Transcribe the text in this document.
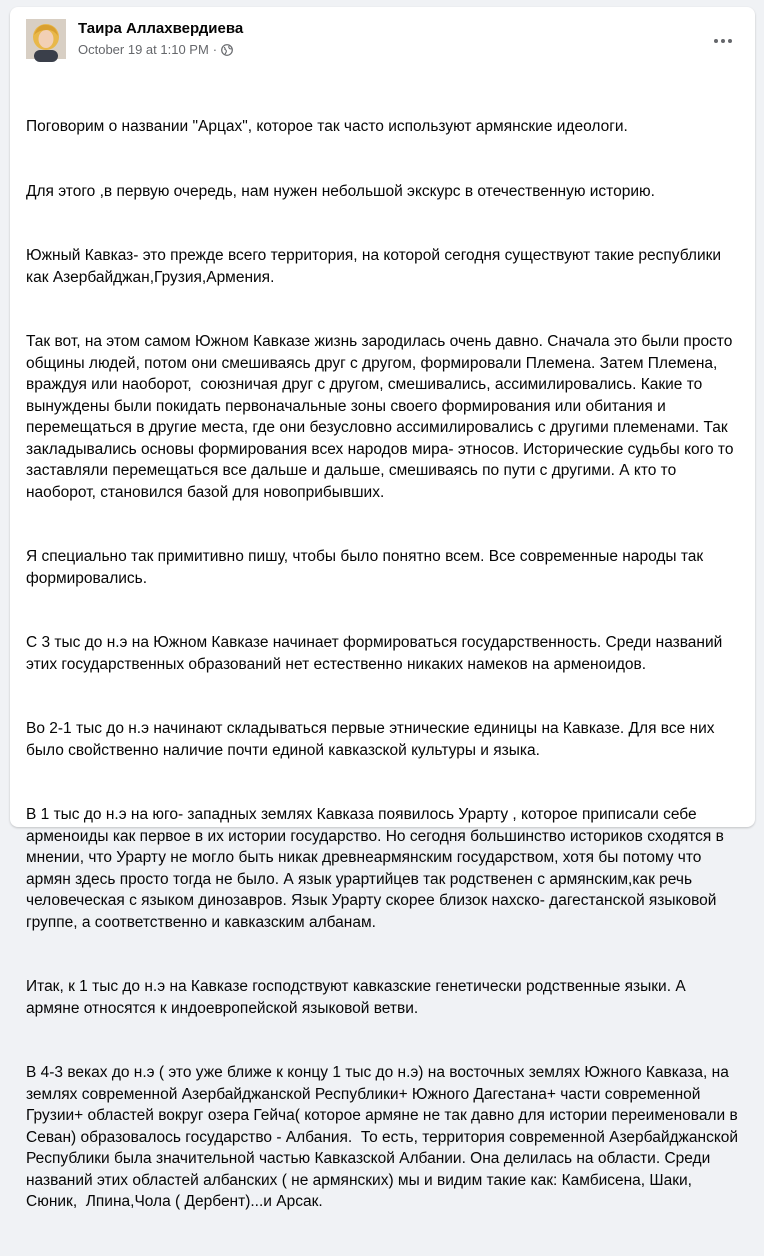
Таира Аллахвердиева
October 19 at 1:10 PM ·

Поговорим о названии "Арцах", которое так часто используют армянские идеологи.

Для этого ,в первую очередь, нам нужен небольшой экскурс в отечественную историю.

Южный Кавказ- это прежде всего территория, на которой сегодня существуют такие республики как Азербайджан,Грузия,Армения.

Так вот, на этом самом Южном Кавказе жизнь зародилась очень давно. Сначала это были просто общины людей, потом они смешиваясь друг с другом, формировали Племена. Затем Племена, враждуя или наоборот,  союзничая друг с другом, смешивались, ассимилировались. Какие то вынуждены были покидать первоначальные зоны своего формирования или обитания и перемещаться в другие места, где они безусловно ассимилировались с другими племенами. Так закладывались основы формирования всех народов мира- этносов. Исторические судьбы кого то заставляли перемещаться все дальше и дальше, смешиваясь по пути с другими. А кто то наоборот, становился базой для новоприбывших.

Я специально так примитивно пишу, чтобы было понятно всем. Все современные народы так формировались.

С 3 тыс до н.э на Южном Кавказе начинает формироваться государственность. Среди названий этих государственных образований нет естественно никаких намеков на арменоидов.

Во 2-1 тыс до н.э начинают складываться первые этнические единицы на Кавказе. Для все них было свойственно наличие почти единой кавказской культуры и языка.

В 1 тыс до н.э на юго- западных землях Кавказа появилось Урарту , которое приписали себе арменоиды как первое в их истории государство. Но сегодня большинство историков сходятся в мнении, что Урарту не могло быть никак древнеармянским государством, хотя бы потому что армян здесь просто тогда не было. А язык урартийцев так родственен с армянским,как речь человеческая с языком динозавров. Язык Урарту скорее близок нахско- дагестанской языковой группе, а соответственно и кавказским албанам.

Итак, к 1 тыс до н.э на Кавказе господствуют кавказские генетически родственные языки. А армяне относятся к индоевропейской языковой ветви.

В 4-3 веках до н.э ( это уже ближе к концу 1 тыс до н.э) на восточных землях Южного Кавказа, на  землях современной Азербайджанской Республики+ Южного Дагестана+ части современной Грузии+ областей вокруг озера Гейча( которое армяне не так давно для истории переименовали в Севан) образовалось государство - Албания.  То есть, территория современной Азербайджанской  Республики была значительной частью Кавказской Албании. Она делилась на области. Среди названий этих областей албанских ( не армянских) мы и видим такие как: Камбисена, Шаки, Сюник,  Лпина,Чола ( Дербент)...и Арсак.
